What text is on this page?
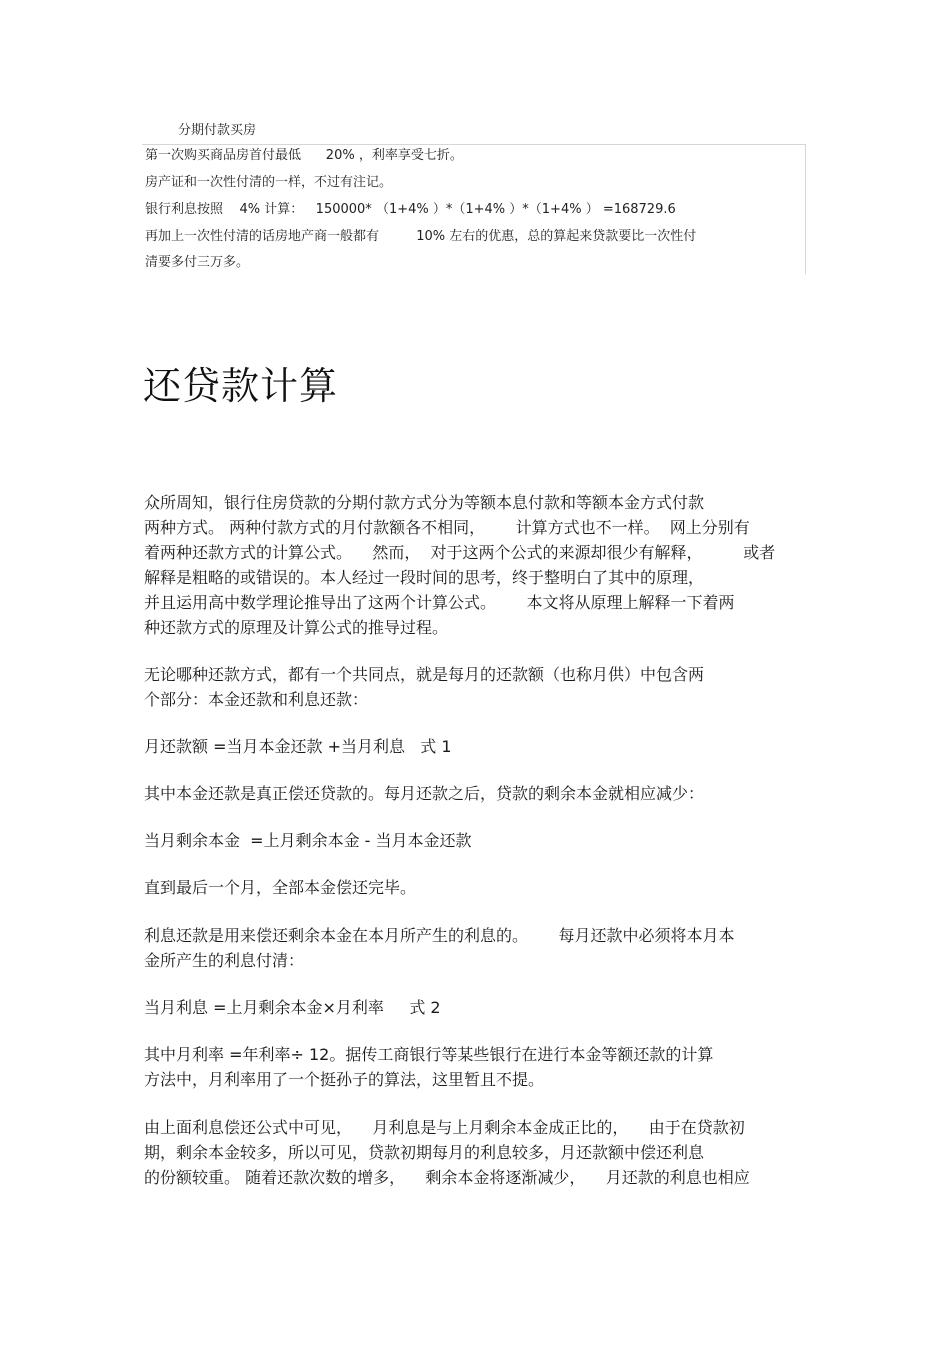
分期付款买房
第一次购买商品房首付最低      20% ，利率享受七折。
房产证和一次性付清的一样，不过有注记。
银行利息按照    4% 计算：   150000* （1+4% ）*（1+4% ）*（1+4% ） =168729.6
再加上一次性付清的话房地产商一般都有         10% 左右的优惠，总的算起来贷款要比一次性付
清要多付三万多。
还贷款计算
众所周知，银行住房贷款的分期付款方式分为等额本息付款和等额本金方式付款
两种方式。 两种付款方式的月付款额各不相同，      计算方式也不一样。  网上分别有
着两种还款方式的计算公式。    然而，  对于这两个公式的来源却很少有解释，        或者
解释是粗略的或错误的。本人经过一段时间的思考，终于整明白了其中的原理，
并且运用高中数学理论推导出了这两个计算公式。      本文将从原理上解释一下着两
种还款方式的原理及计算公式的推导过程。
无论哪种还款方式，都有一个共同点，就是每月的还款额（也称月供）中包含两
个部分：本金还款和利息还款：
月还款额 =当月本金还款 +当月利息   式 1
其中本金还款是真正偿还贷款的。每月还款之后，贷款的剩余本金就相应减少：
当月剩余本金  =上月剩余本金 - 当月本金还款
直到最后一个月，全部本金偿还完毕。
利息还款是用来偿还剩余本金在本月所产生的利息的。      每月还款中必须将本月本
金所产生的利息付清：
当月利息 =上月剩余本金×月利率     式 2
其中月利率 =年利率÷ 12。据传工商银行等某些银行在进行本金等额还款的计算
方法中，月利率用了一个挺孙子的算法，这里暂且不提。
由上面利息偿还公式中可见，    月利息是与上月剩余本金成正比的，    由于在贷款初
期，剩余本金较多，所以可见，贷款初期每月的利息较多，月还款额中偿还利息
的份额较重。 随着还款次数的增多，    剩余本金将逐渐减少，    月还款的利息也相应
